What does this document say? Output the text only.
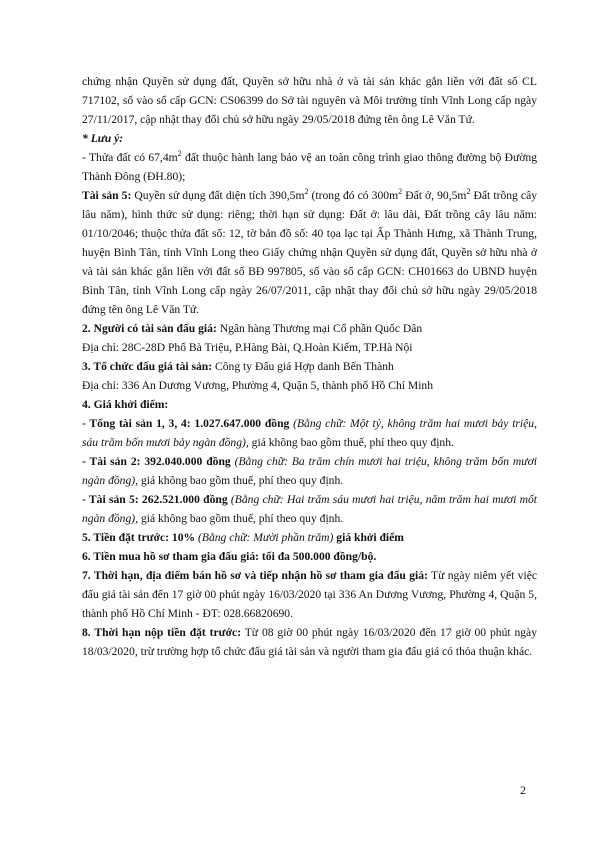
chứng nhận Quyền sử dụng đất, Quyền sở hữu nhà ở và tài sản khác gắn liền với đất số CL 717102, số vào sổ cấp GCN: CS06399 do Sở tài nguyên và Môi trường tỉnh Vĩnh Long cấp ngày 27/11/2017, cập nhật thay đổi chủ sở hữu ngày 29/05/2018 đứng tên ông Lê Văn Tứ.

* Lưu ý:

- Thửa đất có $67,4m^2$ đất thuộc hành lang bảo vệ an toàn công trình giao thông đường bộ Đường Thành Đông (ĐH.80);

Tài sản 5: Quyền sử dụng đất diện tích $390,5m^2$ (trong đó có $300m^2$ Đất ở, $90,5m^2$ Đất trồng cây lâu năm), hình thức sử dụng: riêng; thời hạn sử dụng: Đất ở: lâu dài, Đất trồng cây lâu năm: 01/10/2046; thuộc thửa đất số: 12, tờ bản đồ số: 40 tọa lạc tại Ấp Thành Hưng, xã Thành Trung, huyện Bình Tân, tỉnh Vĩnh Long theo Giấy chứng nhận Quyền sử dụng đất, Quyền sở hữu nhà ở và tài sản khác gắn liền với đất số BĐ 997805, số vào sổ cấp GCN: CH01663 do UBND huyện Bình Tân, tỉnh Vĩnh Long cấp ngày 26/07/2011, cập nhật thay đổi chủ sở hữu ngày 29/05/2018 đứng tên ông Lê Văn Tứ.

2. Người có tài sản đấu giá: Ngân hàng Thương mại Cổ phần Quốc Dân

Địa chỉ: 28C-28D Phố Bà Triệu, P.Hàng Bài, Q.Hoàn Kiếm, TP.Hà Nội

3. Tổ chức đấu giá tài sản: Công ty Đấu giá Hợp danh Bến Thành

Địa chỉ: 336 An Dương Vương, Phường 4, Quận 5, thành phố Hồ Chí Minh

4. Giá khởi điểm:

- Tổng tài sản 1, 3, 4: 1.027.647.000 đồng (Bằng chữ: Một tỷ, không trăm hai mươi bảy triệu, sáu trăm bốn mươi bảy ngàn đồng), giá không bao gồm thuế, phí theo quy định.

- Tài sản 2: 392.040.000 đồng (Bằng chữ: Ba trăm chín mươi hai triệu, không trăm bốn mươi ngàn đồng), giá không bao gồm thuế, phí theo quy định.

- Tài sản 5: 262.521.000 đồng (Bằng chữ: Hai trăm sáu mươi hai triệu, năm trăm hai mươi mốt ngàn đồng), giá không bao gồm thuế, phí theo quy định.

5. Tiền đặt trước: 10% (Bằng chữ: Mười phần trăm) giá khởi điểm

6. Tiền mua hồ sơ tham gia đấu giá: tối đa 500.000 đồng/bộ.

7. Thời hạn, địa điểm bán hồ sơ và tiếp nhận hồ sơ tham gia đấu giá: Từ ngày niêm yết việc đấu giá tài sản đến 17 giờ 00 phút ngày 16/03/2020 tại 336 An Dương Vương, Phường 4, Quận 5, thành phố Hồ Chí Minh - ĐT: 028.66820690.

8. Thời hạn nộp tiền đặt trước: Từ 08 giờ 00 phút ngày 16/03/2020 đến 17 giờ 00 phút ngày 18/03/2020, trừ trường hợp tổ chức đấu giá tài sản và người tham gia đấu giá có thỏa thuận khác.

2
